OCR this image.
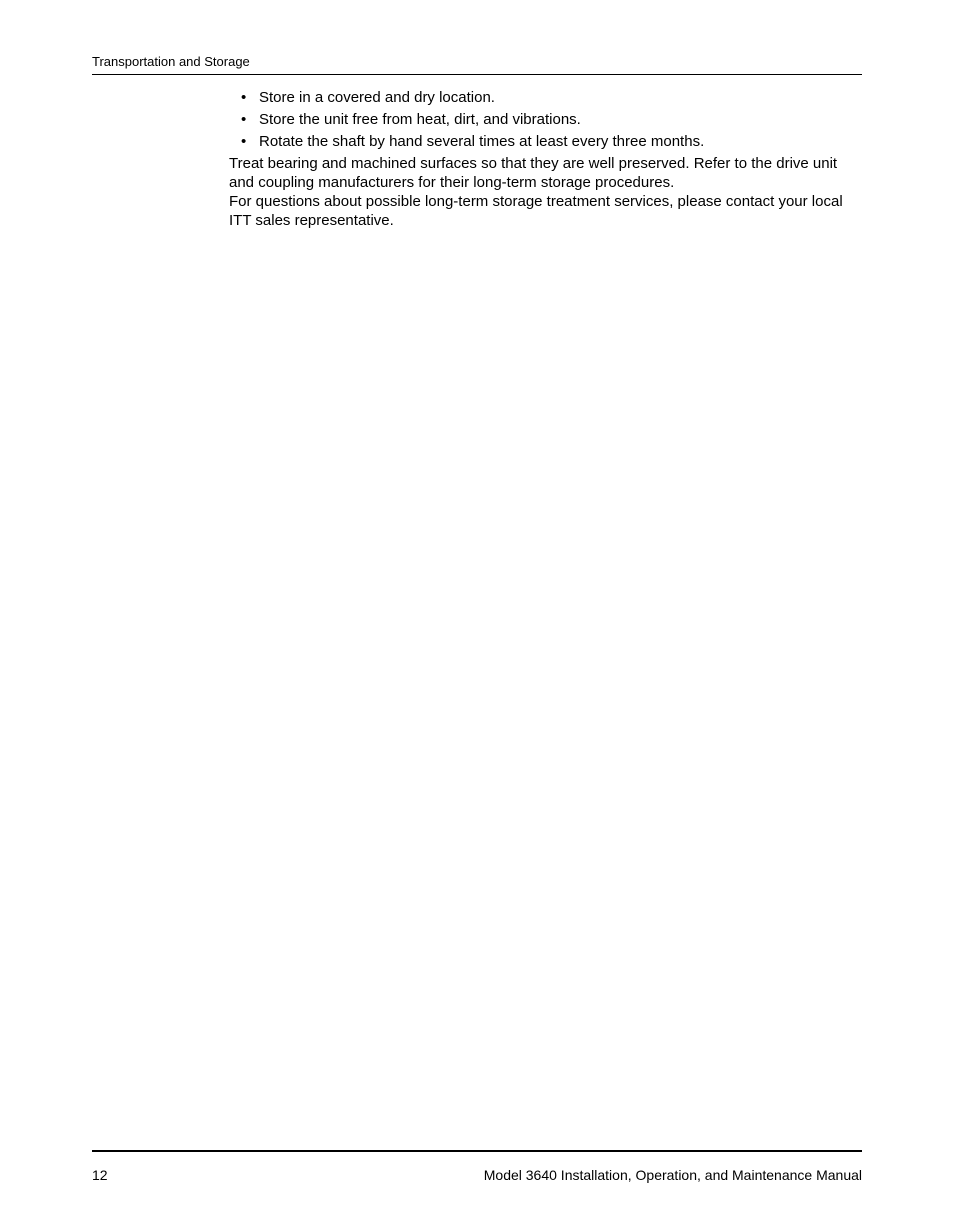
Transportation and Storage
• Store in a covered and dry location.
• Store the unit free from heat, dirt, and vibrations.
• Rotate the shaft by hand several times at least every three months.

Treat bearing and machined surfaces so that they are well preserved. Refer to the drive unit and coupling manufacturers for their long-term storage procedures.

For questions about possible long-term storage treatment services, please contact your local ITT sales representative.

12	Model 3640 Installation, Operation, and Maintenance Manual
